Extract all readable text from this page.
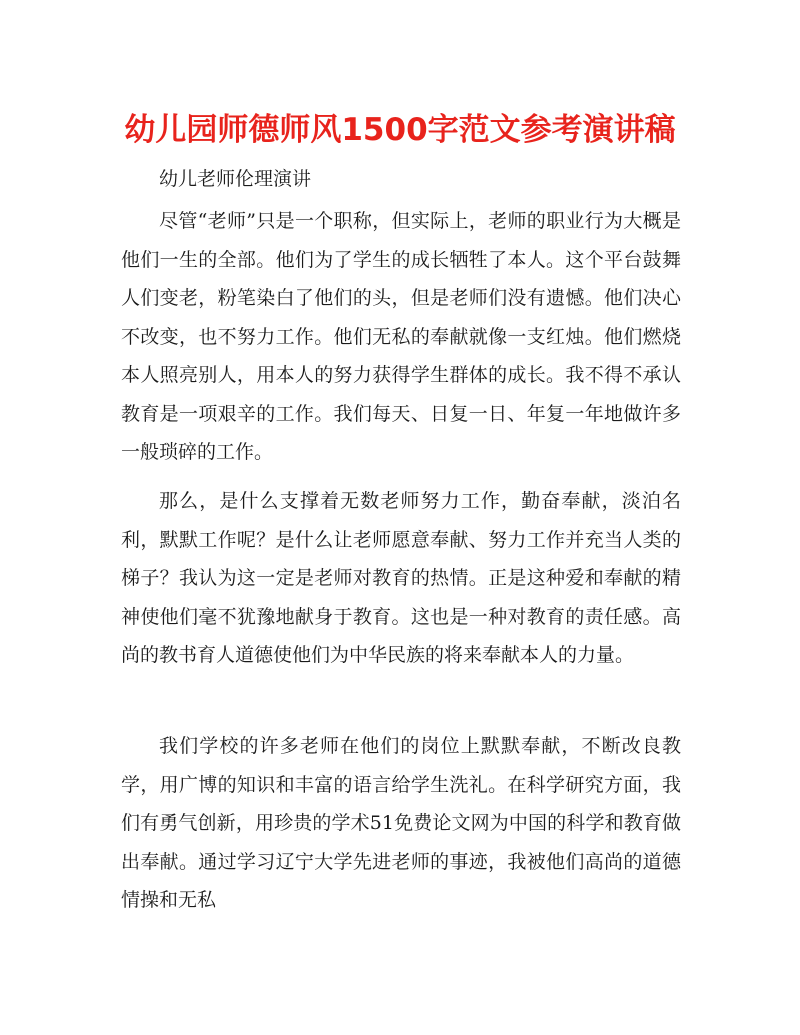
幼儿园师德师风1500字范文参考演讲稿

幼儿老师伦理演讲

尽管“老师”只是一个职称，但实际上，老师的职业行为大概是他们一生的全部。他们为了学生的成长牺牲了本人。这个平台鼓舞人们变老，粉笔染白了他们的头，但是老师们没有遗憾。他们决心不改变，也不努力工作。他们无私的奉献就像一支红烛。他们燃烧本人照亮别人，用本人的努力获得学生群体的成长。我不得不承认教育是一项艰辛的工作。我们每天、日复一日、年复一年地做许多一般琐碎的工作。

那么，是什么支撑着无数老师努力工作，勤奋奉献，淡泊名利，默默工作呢？是什么让老师愿意奉献、努力工作并充当人类的梯子？我认为这一定是老师对教育的热情。正是这种爱和奉献的精神使他们毫不犹豫地献身于教育。这也是一种对教育的责任感。高尚的教书育人道德使他们为中华民族的将来奉献本人的力量。

我们学校的许多老师在他们的岗位上默默奉献，不断改良教学，用广博的知识和丰富的语言给学生洗礼。在科学研究方面，我们有勇气创新，用珍贵的学术51免费论文网为中国的科学和教育做出奉献。通过学习辽宁大学先进老师的事迹，我被他们高尚的道德情操和无私
